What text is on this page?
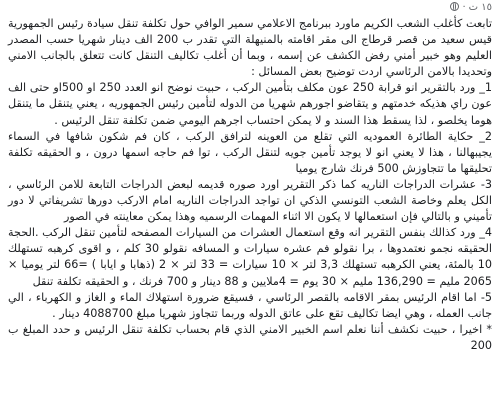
· ١٥ ت

تابعت كأغلب الشعب الكريم ماورد ببرنامج الاعلامي سمير الوافي حول تكلفة تنقل سيادة رئيس الجمهورية قيس سعيد من قصر قرطاج الى مقر اقامته بالمنيهلة التي تقدر ب 200 الف دينار شهريا حسب المصدر العليم وهو خبير أمني رفض الكشف عن إسمه ، وبما أن أغلب تكاليف التنقل كانت تتعلق بالجانب الامني وتحديدا بالامن الرئاسي اردت توضيح بعض المسائل :

1_ ورد بالتقرير انو قرابة 250 عون مكلف بتأمين الركب ، حبيت نوضح انو العدد 250 او 500او حتى الف عون راي هذيكه خدمتهم و يتقاضو اجورهم شهريا من الدوله لتأمين رئيس الجمهوريه ، يعني يتنقل ما يتنقل هوما يخلصو ، لذا يسقط هذا السند و لا يمكن احتساب اجرهم اليومي ضمن تكلفة تنقل الرئيس .

2_ حكاية الطائرة العموديه التي تقلع من العوينه لترافق الركب ، كان فم شكون شافها في السماء يجيبهالنا ، هذا لا يعني انو لا يوجد تأمين جويه لتنقل الركب ، توا فم حاجه اسمها درون ، و الحقيقه تكلفة تحليقها ما تتجاوزش 500 فرنك شارج يوميا

3- عشرات الدراجات الناريه كما ذكر التقرير اورد صوره قديمه لبعض الدراجات التابعة للامن الرئاسي ، الكل يعلم وخاصة الشعب التونسي الذكي ان تواجد الدراجات الناريه امام الاركب دورها تشريفاتي لا دور تأميني و بالتالي فإن استعمالها لا يكون الا اثناء المهمات الرسميه وهذا يمكن معاينته في الصور

4_ ورد كذالك بنفس التقرير انه وقع استعمال العشرات من السيارات المصفحه لتأمين تنقل الركب .الحجة الحقيقه نجمو نعتمدوها ، برا نقولو فم عشره سيارات و المسافه نقولو 30 كلم ، و اقوى كرهبه تستهلك 10 بالمئة، يعني الكرهبه تستهلك 3,3 لتر × 10 سيارات = 33 لتر × 2 (ذهابا و ايابا ) =66 لتر يوميا × 2065 مليم = 136,290 مليم × 30 يوم = 4ملايين و 88 دينار و 700 فرنك ، و الحقيقه تكلفة تنقل

5- اما اقام الرئيس بمقر الاقامه بالقصر الرئاسي ، فسيقع ضرورة استهلاك الماء و الغاز و الكهرباء ، الي جانب العمله ، وهي ايضا تكاليف تقع على عاتق الدوله وربما تتجاوز شهريا مبلغ 4088700 دينار .

* اخيرا ، حبيت نكشف أننا نعلم اسم الخبير الامني الذي قام بحساب تكلفة تنقل الرئيس و حدد المبلغ ب 200
